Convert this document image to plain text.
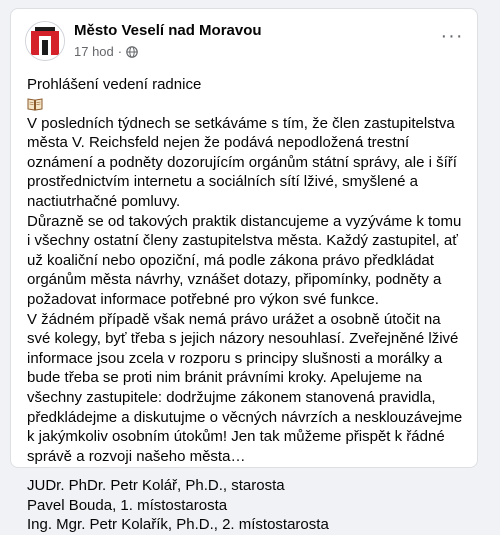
Město Veselí nad Moravou
17 hod ·
···

Prohlášení vedení radnice

V posledních týdnech se setkáváme s tím, že člen zastupitelstva města V. Reichsfeld nejen že podává nepodložená trestní oznámení a podněty dozorujícím orgánům státní správy, ale i šíří prostřednictvím internetu a sociálních sítí lživé, smyšlené a nactiutrhačné pomluvy.

Důrazně se od takových praktik distancujeme a vyzýváme k tomu i všechny ostatní členy zastupitelstva města. Každý zastupitel, ať už koaliční nebo opoziční, má podle zákona právo předkládat orgánům města návrhy, vznášet dotazy, připomínky, podněty a požadovat informace potřebné pro výkon své funkce.

V žádném případě však nemá právo urážet a osobně útočit na své kolegy, byť třeba s jejich názory nesouhlasí. Zveřejněné lživé informace jsou zcela v rozporu s principy slušnosti a morálky a bude třeba se proti nim bránit právními kroky. Apelujeme na všechny zastupitele: dodržujme zákonem stanovená pravidla, předkládejme a diskutujme o věcných návrzích a nesklouzávejme k jakýmkoliv osobním útokům! Jen tak můžeme přispět k řádné správě a rozvoji našeho města…

JUDr. PhDr. Petr Kolář, Ph.D., starosta

Pavel Bouda, 1. místostarosta

Ing. Mgr. Petr Kolařík, Ph.D., 2. místostarosta
